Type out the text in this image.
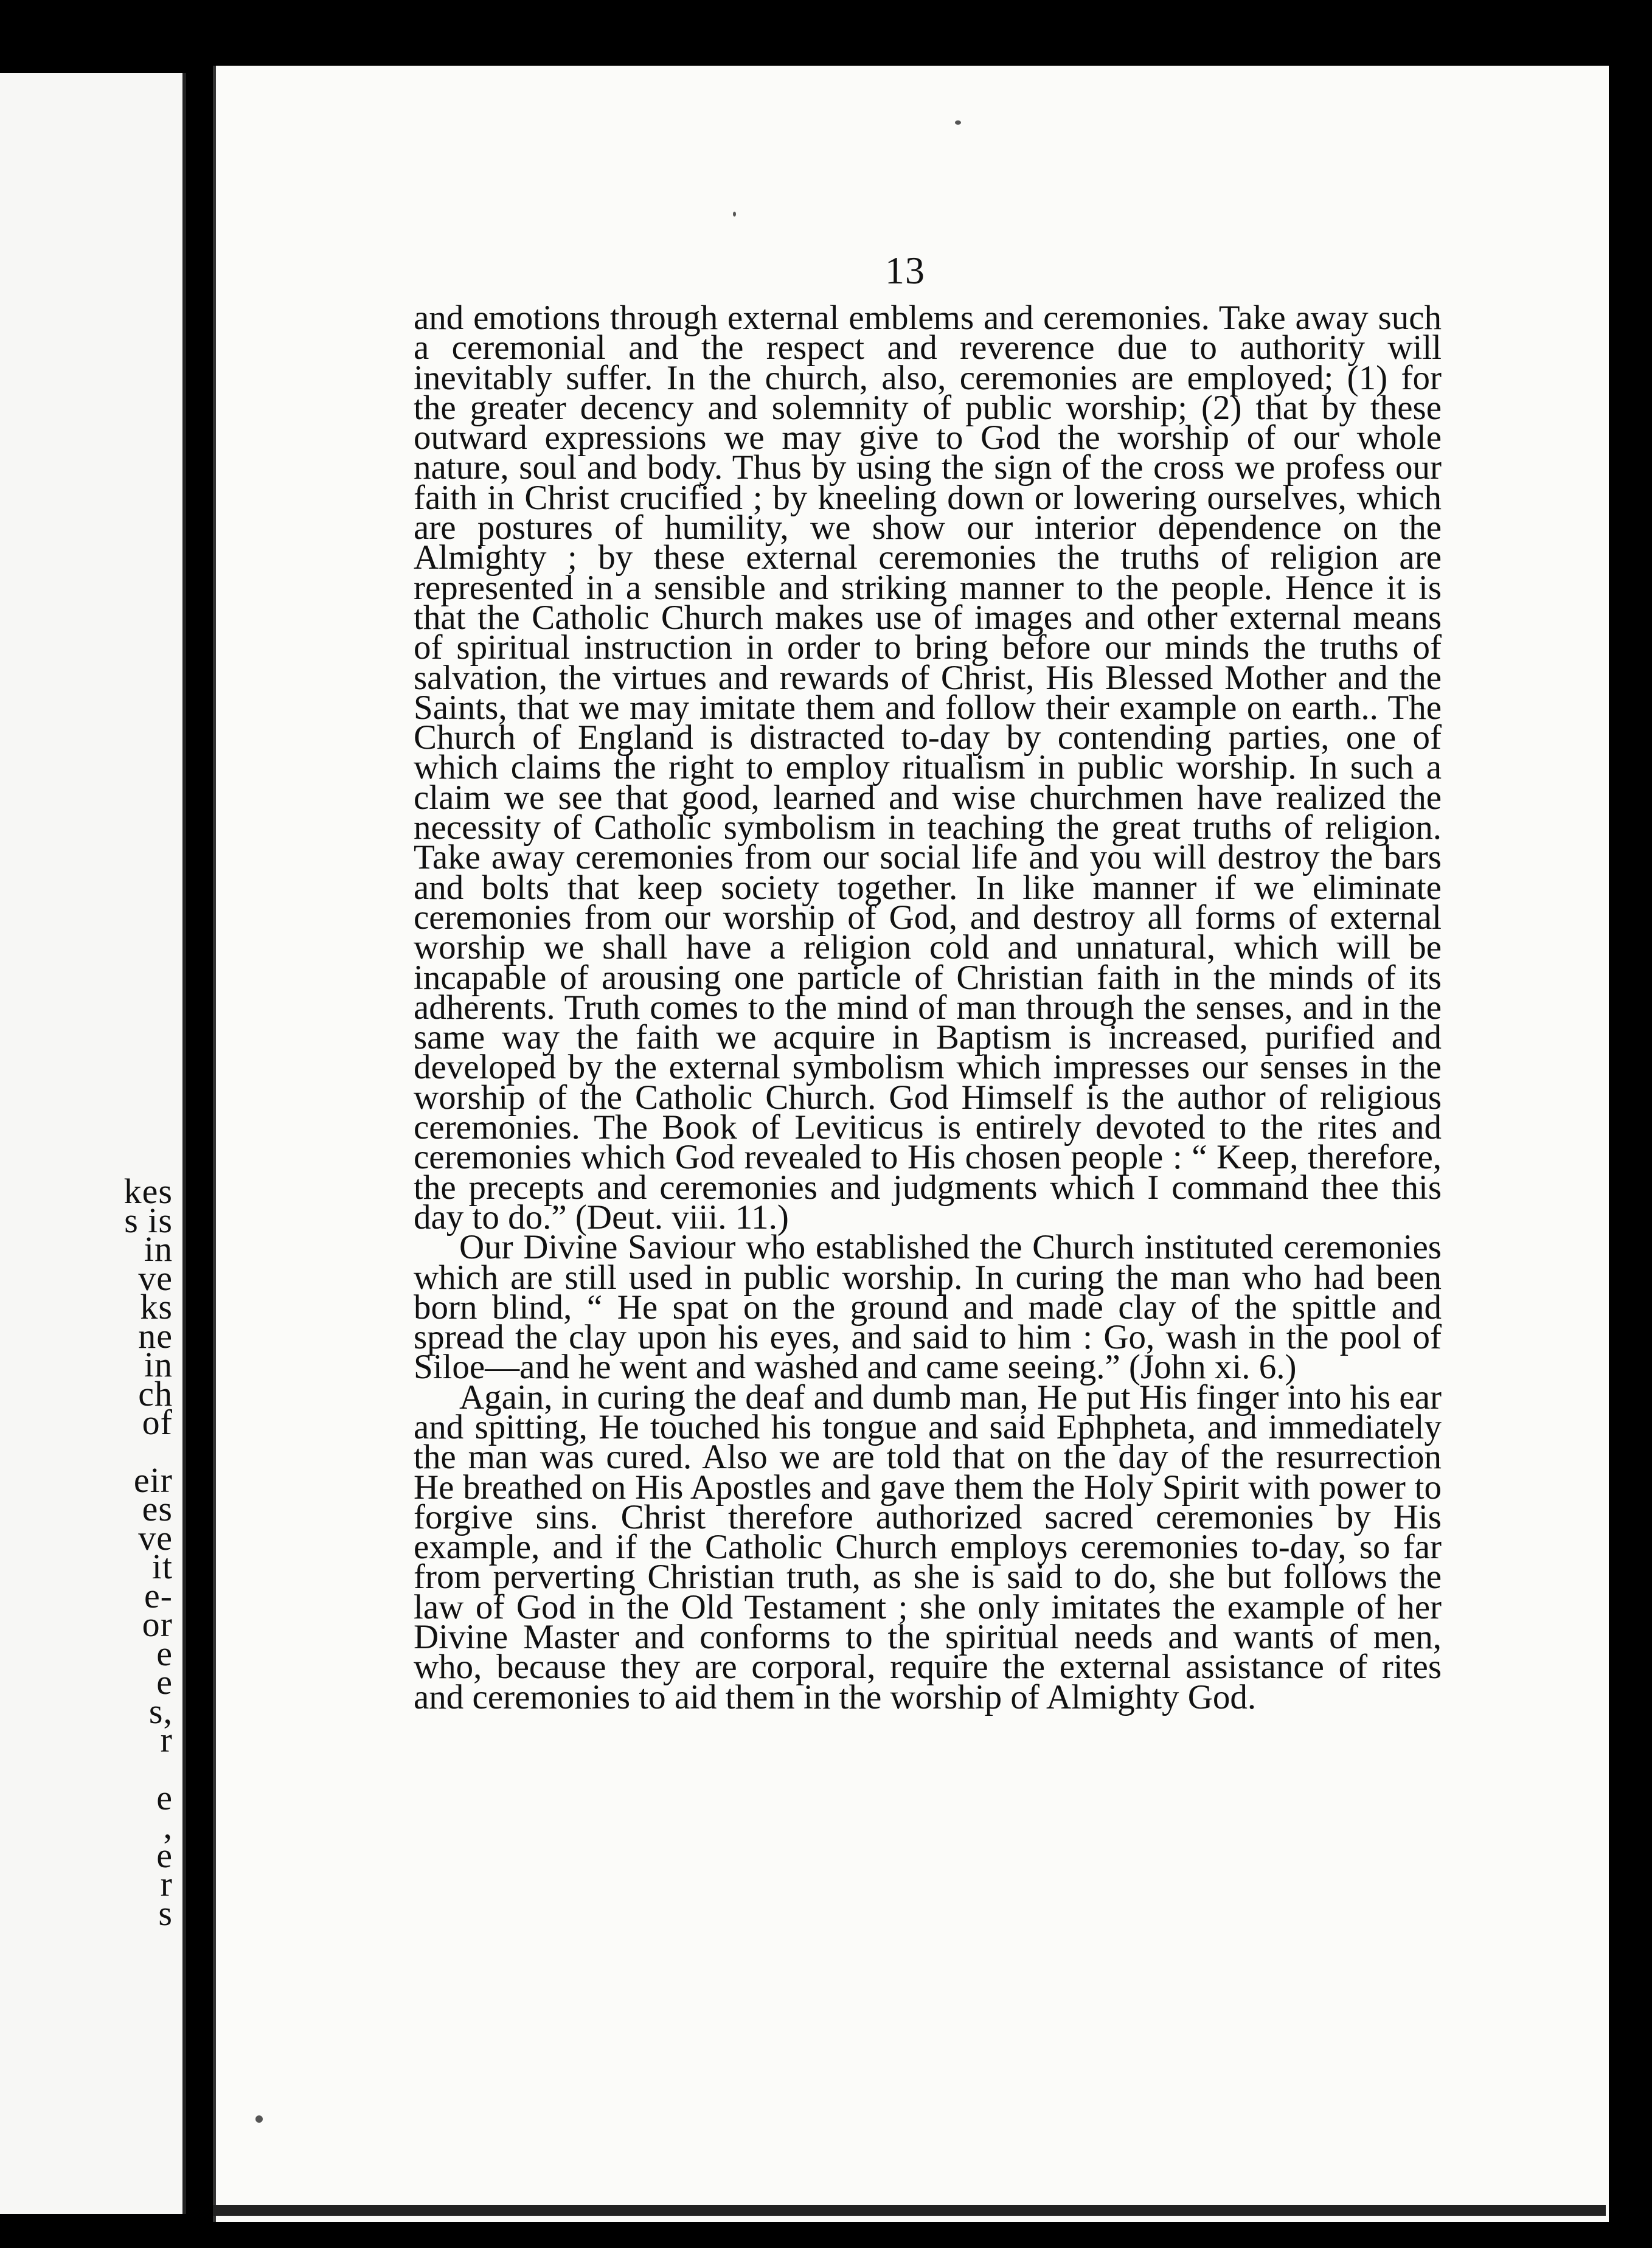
kes
s is
in
ve
ks
ne
in
ch
of
eir
es
ve
it
e-
or
e
e
s,
r
e
,
e
r
s
13

and emotions through external emblems and ceremonies. Take away such a ceremonial and the respect and reverence due to authority will inevitably suffer. In the church, also, ceremonies are employed; (1) for the greater decency and solemnity of public worship; (2) that by these outward expressions we may give to God the worship of our whole nature, soul and body. Thus by using the sign of the cross we profess our faith in Christ crucified ; by kneeling down or lowering ourselves, which are postures of humility, we show our interior dependence on the Almighty ; by these external ceremonies the truths of religion are represented in a sensible and striking manner to the people. Hence it is that the Catholic Church makes use of images and other external means of spiritual instruction in order to bring before our minds the truths of salvation, the virtues and rewards of Christ, His Blessed Mother and the Saints, that we may imitate them and follow their example on earth.. The Church of England is distracted to-day by contending parties, one of which claims the right to employ ritualism in public worship. In such a claim we see that good, learned and wise churchmen have realized the necessity of Catholic symbolism in teaching the great truths of religion. Take away ceremonies from our social life and you will destroy the bars and bolts that keep society together. In like manner if we eliminate ceremonies from our worship of God, and destroy all forms of external worship we shall have a religion cold and unnatural, which will be incapable of arousing one particle of Christian faith in the minds of its adherents. Truth comes to the mind of man through the senses, and in the same way the faith we acquire in Baptism is increased, purified and developed by the external symbolism which impresses our senses in the worship of the Catholic Church. God Himself is the author of religious ceremonies. The Book of Leviticus is entirely devoted to the rites and ceremonies which God revealed to His chosen people : “ Keep, therefore, the precepts and ceremonies and judgments which I command thee this day to do.” (Deut. viii. 11.)

Our Divine Saviour who established the Church instituted ceremonies which are still used in public worship. In curing the man who had been born blind, “ He spat on the ground and made clay of the spittle and spread the clay upon his eyes, and said to him : Go, wash in the pool of Siloe—and he went and washed and came seeing.” (John xi. 6.)

Again, in curing the deaf and dumb man, He put His finger into his ear and spitting, He touched his tongue and said Ephpheta, and immediately the man was cured. Also we are told that on the day of the resurrection He breathed on His Apostles and gave them the Holy Spirit with power to forgive sins. Christ therefore authorized sacred ceremonies by His example, and if the Catholic Church employs ceremonies to-day, so far from perverting Christian truth, as she is said to do, she but follows the law of God in the Old Testament ; she only imitates the example of her Divine Master and conforms to the spiritual needs and wants of men, who, because they are corporal, require the external assistance of rites and ceremonies to aid them in the worship of Almighty God.
